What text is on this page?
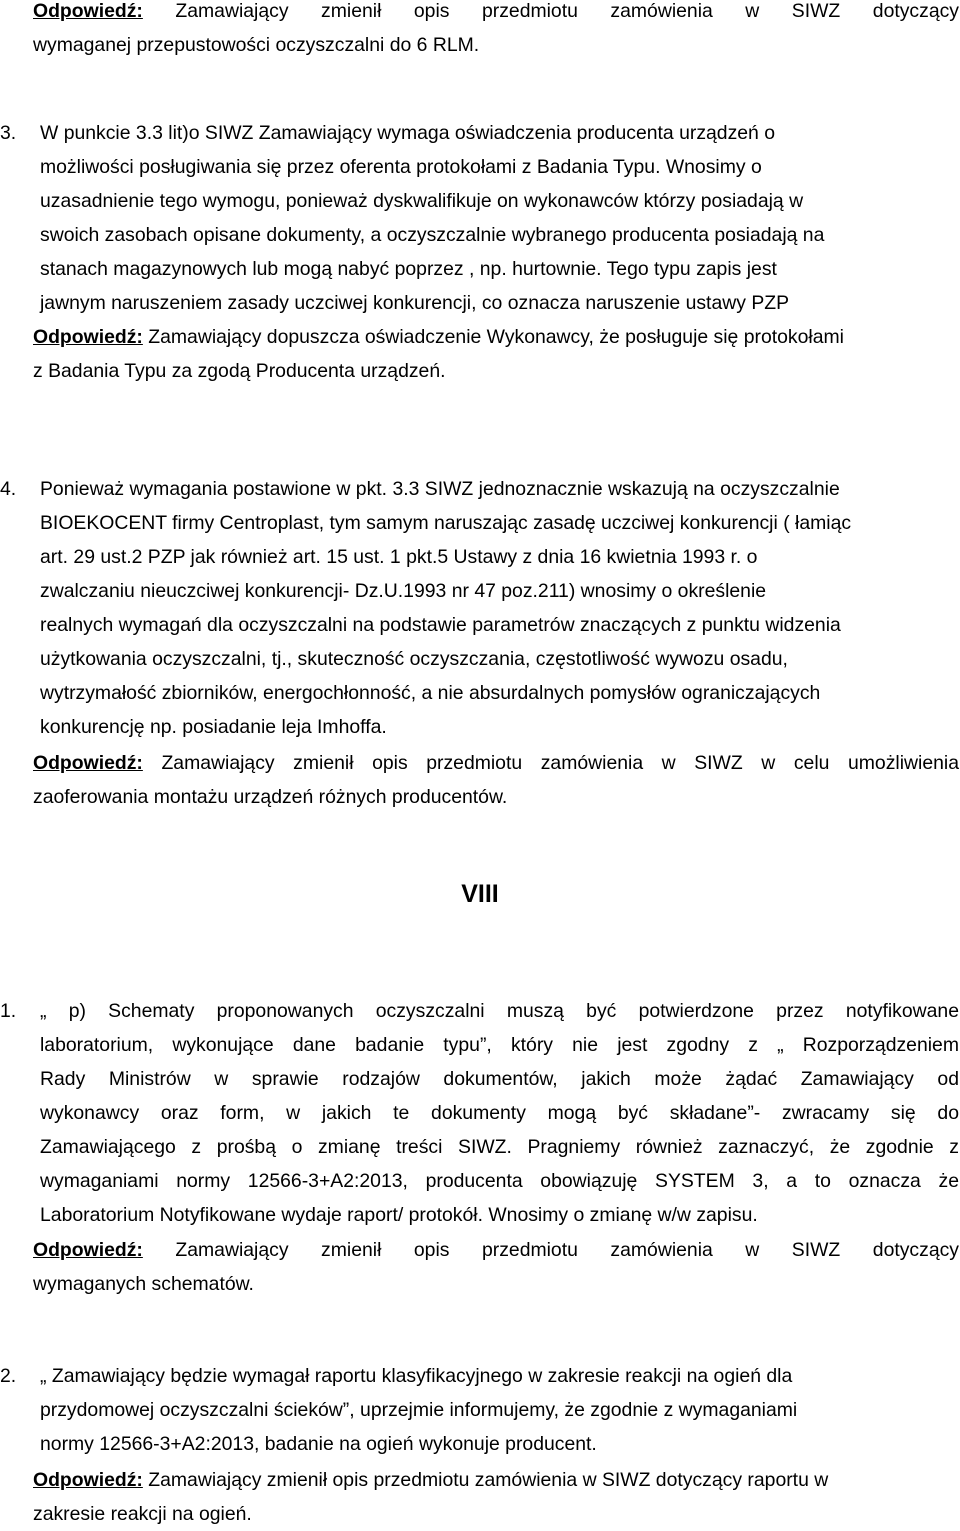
Odpowiedź: Zamawiający zmienił opis przedmiotu zamówienia w SIWZ dotyczący
wymaganej przepustowości oczyszczalni do 6 RLM.
3. W punkcie 3.3 lit)o SIWZ Zamawiający wymaga oświadczenia producenta urządzeń o
możliwości posługiwania się przez oferenta protokołami z Badania Typu. Wnosimy o
uzasadnienie tego wymogu, ponieważ dyskwalifikuje on wykonawców którzy posiadają w
swoich zasobach opisane dokumenty, a oczyszczalnie wybranego producenta posiadają na
stanach magazynowych lub mogą nabyć poprzez , np. hurtownie. Tego typu zapis jest
jawnym naruszeniem zasady uczciwej konkurencji, co oznacza naruszenie ustawy PZP
Odpowiedź: Zamawiający dopuszcza oświadczenie Wykonawcy, że posługuje się protokołami
z Badania Typu za zgodą Producenta urządzeń.
4. Ponieważ wymagania postawione w pkt. 3.3 SIWZ jednoznacznie wskazują na oczyszczalnie
BIOEKOCENT firmy Centroplast, tym samym naruszając zasadę uczciwej konkurencji ( łamiąc
art. 29 ust.2 PZP jak również art. 15 ust. 1 pkt.5 Ustawy z dnia 16 kwietnia 1993 r. o
zwalczaniu nieuczciwej konkurencji- Dz.U.1993 nr 47 poz.211) wnosimy o określenie
realnych wymagań dla oczyszczalni na podstawie parametrów znaczących z punktu widzenia
użytkowania oczyszczalni, tj., skuteczność oczyszczania, częstotliwość wywozu osadu,
wytrzymałość zbiorników, energochłonność, a nie absurdalnych pomysłów ograniczających
konkurencję np. posiadanie leja Imhoffa.
Odpowiedź: Zamawiający zmienił opis przedmiotu zamówienia w SIWZ w celu umożliwienia
zaoferowania montażu urządzeń różnych producentów.
VIII
1. „ p) Schematy proponowanych oczyszczalni muszą być potwierdzone przez notyfikowane
laboratorium, wykonujące dane badanie typu”, który nie jest zgodny z „ Rozporządzeniem
Rady Ministrów w sprawie rodzajów dokumentów, jakich może żądać Zamawiający od
wykonawcy oraz form, w jakich te dokumenty mogą być składane”- zwracamy się do
Zamawiającego z prośbą o zmianę treści SIWZ. Pragniemy również zaznaczyć, że zgodnie z
wymaganiami normy 12566-3+A2:2013, producenta obowiązuję SYSTEM 3, a to oznacza że
Laboratorium Notyfikowane wydaje raport/ protokół. Wnosimy o zmianę w/w zapisu.
Odpowiedź: Zamawiający zmienił opis przedmiotu zamówienia w SIWZ dotyczący
wymaganych schematów.
2. „ Zamawiający będzie wymagał raportu klasyfikacyjnego w zakresie reakcji na ogień dla
przydomowej oczyszczalni ścieków”, uprzejmie informujemy, że zgodnie z wymaganiami
normy 12566-3+A2:2013, badanie na ogień wykonuje producent.
Odpowiedź: Zamawiający zmienił opis przedmiotu zamówienia w SIWZ dotyczący raportu w
zakresie reakcji na ogień.
